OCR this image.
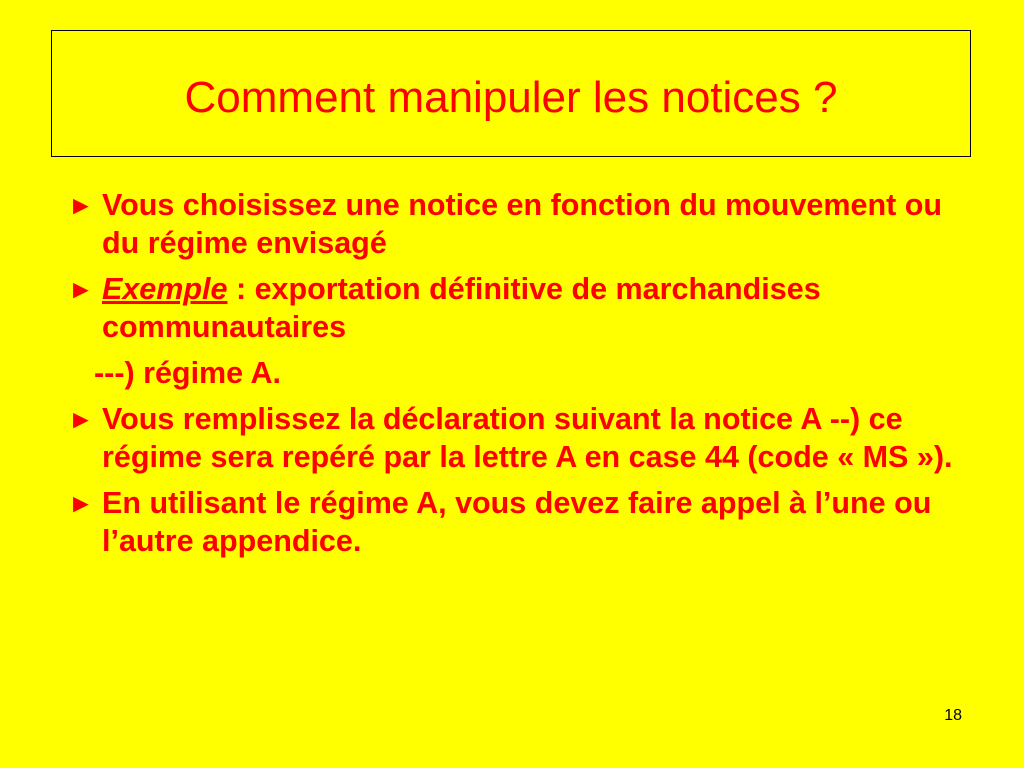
Comment manipuler les notices ?
► Vous choisissez une notice en fonction du mouvement ou du régime envisagé
► Exemple : exportation définitive de marchandises communautaires
---) régime A.
► Vous remplissez la déclaration suivant la notice A --) ce régime sera repéré par la lettre A en case 44 (code « MS »).
► En utilisant le régime A, vous devez faire appel à l’une ou l’autre appendice.
18
